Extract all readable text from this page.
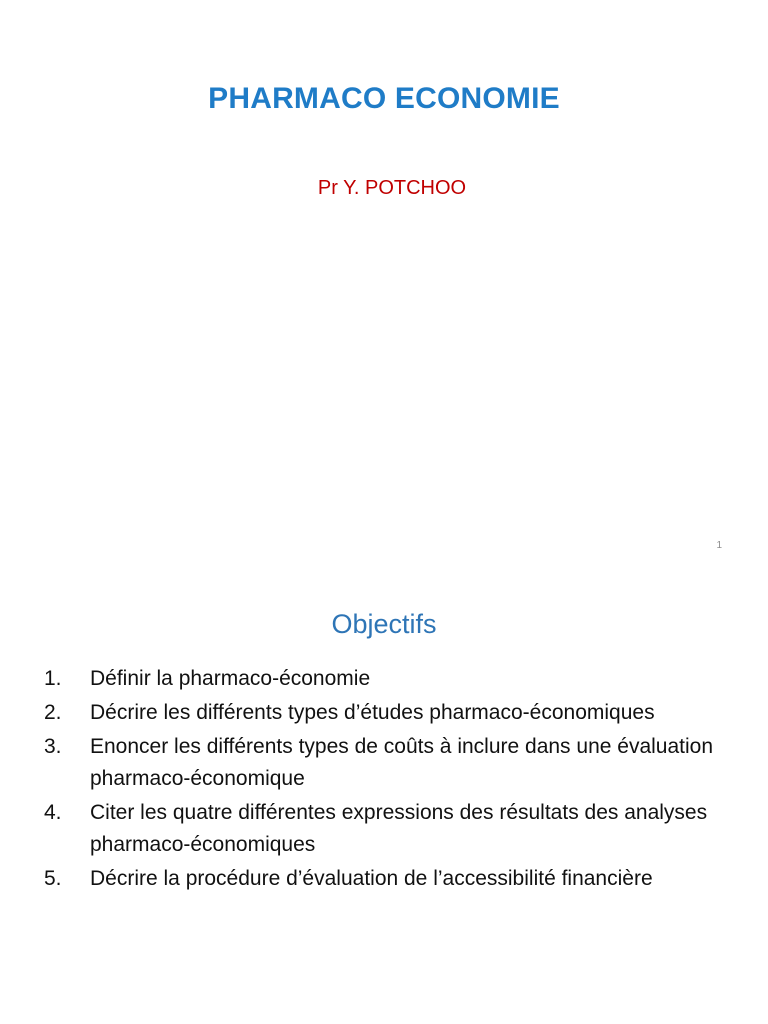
PHARMACO ECONOMIE
Pr Y. POTCHOO
1
Objectifs
1.	Définir la pharmaco-économie
2.	Décrire les différents types d’études pharmaco-économiques
3.	Enoncer les différents types de coûts à inclure dans une évaluation pharmaco-économique
4.	Citer les quatre différentes expressions des résultats des analyses pharmaco-économiques
5.	Décrire la procédure d’évaluation de l’accessibilité financière
